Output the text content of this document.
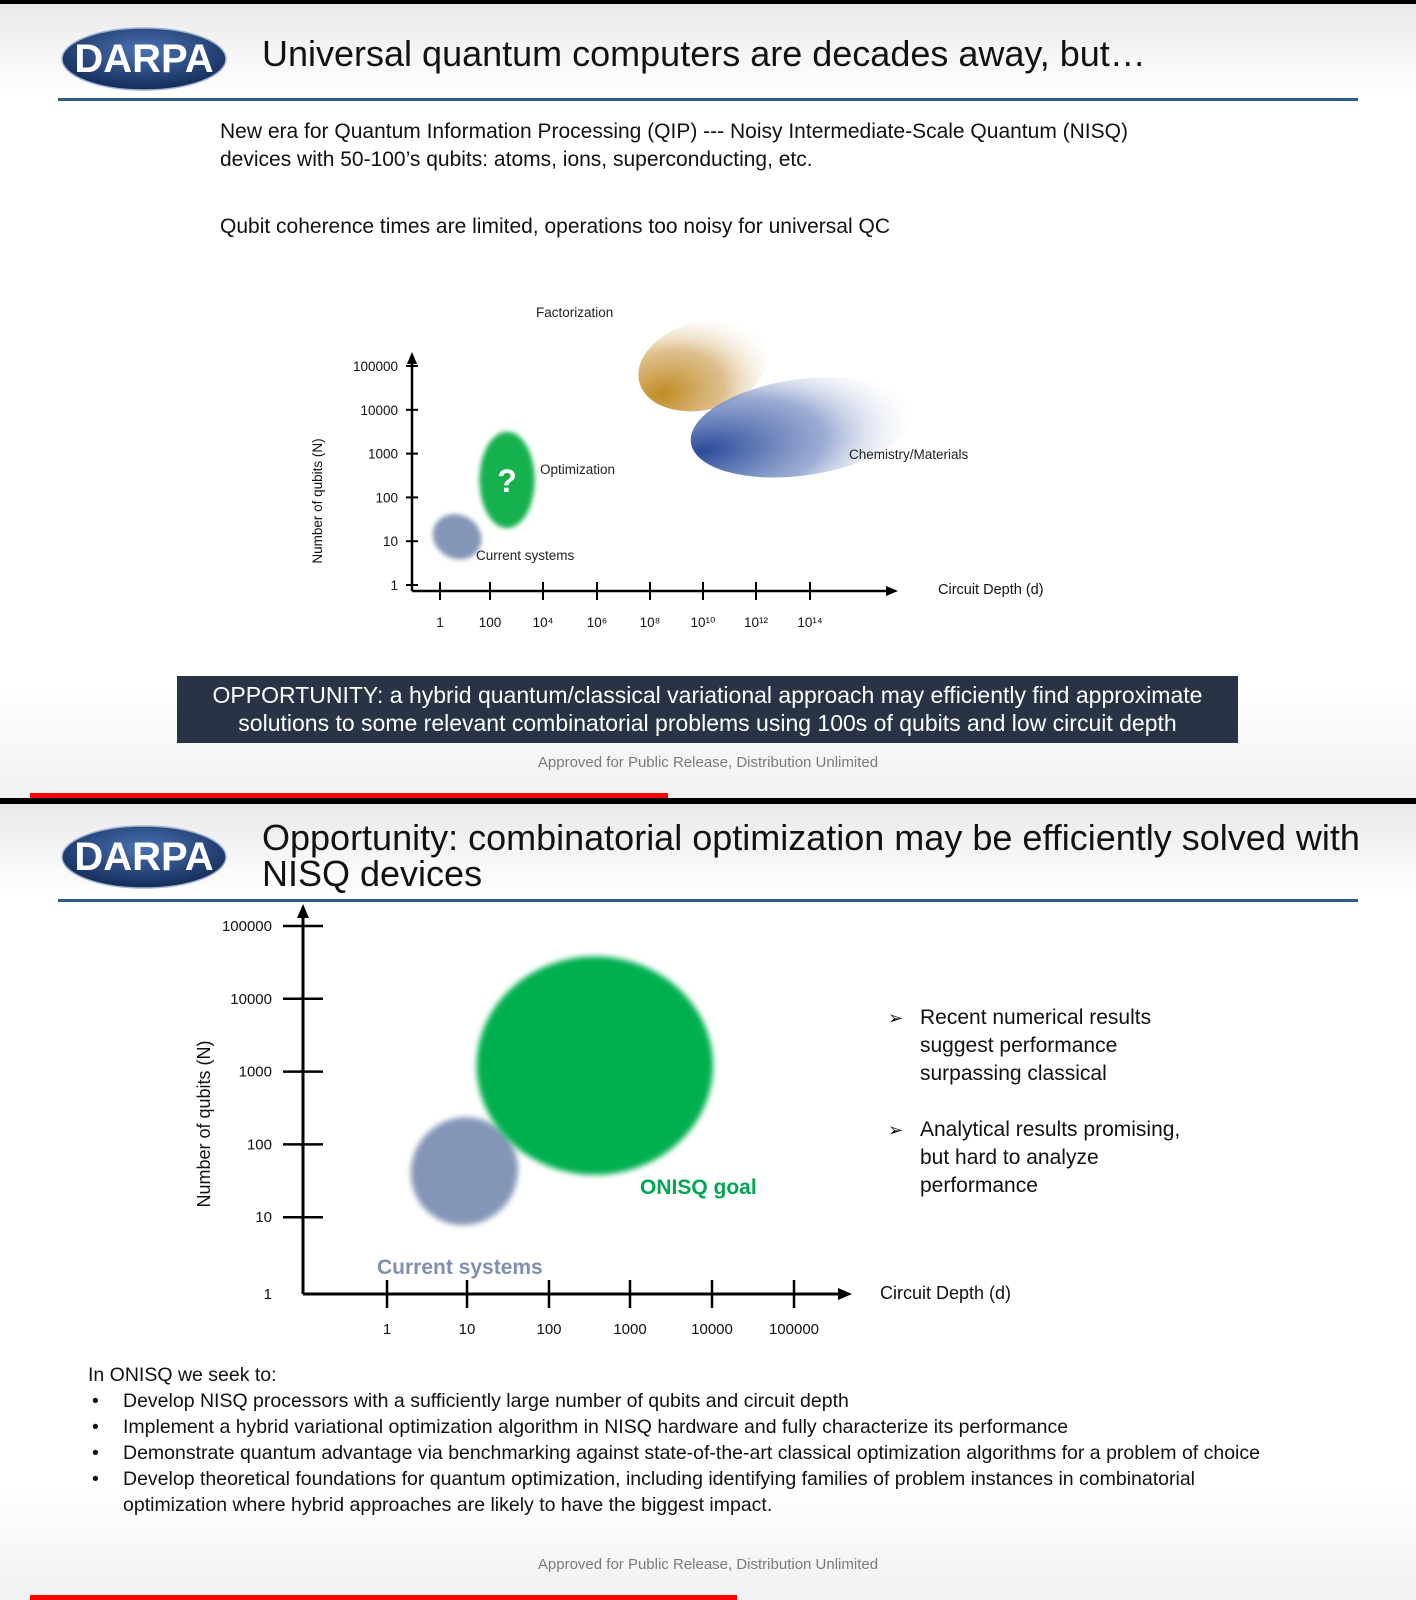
DARPA Universal quantum computers are decades away, but…
New era for Quantum Information Processing (QIP) --- Noisy Intermediate-Scale Quantum (NISQ)
devices with 50-100’s qubits: atoms, ions, superconducting, etc.
Qubit coherence times are limited, operations too noisy for universal QC
?
Current systems
Optimization
Factorization
Chemistry/Materials
1	100 10⁴ 10⁶ 10⁸ 10¹⁰ 10¹² 10¹⁴
1
10
100
1000
10000
100000
Circuit Depth (d)
Number of qubits (N)
OPPORTUNITY: a hybrid quantum/classical variational approach may efficiently find approximate
solutions to some relevant combinatorial problems using 100s of qubits and low circuit depth
Approved for Public Release, Distribution Unlimited
DARPA Opportunity: combinatorial optimization may be efficiently solved with
NISQ devices
Current systems
ONISQ goal
1	10	100	1000	10000 100000
1
10
100
1000
10000
100000
Circuit Depth (d)
Number of qubits (N)
➢ Recent numerical results
suggest performance
surpassing classical
➢ Analytical results promising,
but hard to analyze
performance
In ONISQ we seek to:
• Develop NISQ processors with a sufficiently large number of qubits and circuit depth
• Implement a hybrid variational optimization algorithm in NISQ hardware and fully characterize its performance
• Demonstrate quantum advantage via benchmarking against state-of-the-art classical optimization algorithms for a problem of choice
• Develop theoretical foundations for quantum optimization, including identifying families of problem instances in combinatorial
optimization where hybrid approaches are likely to have the biggest impact.
Approved for Public Release, Distribution Unlimited
